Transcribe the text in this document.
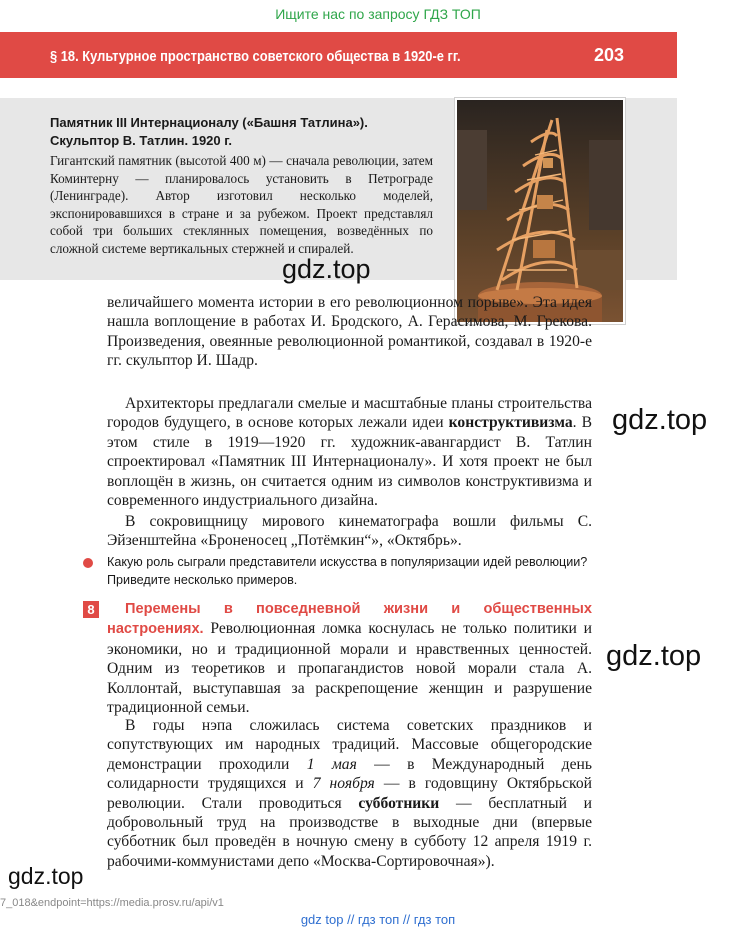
Ищите нас по запросу ГДЗ ТОП
§ 18. Культурное пространство советского общества в 1920-е гг.	203
Памятник III Интернационалу («Башня Татлина»). Скульптор В. Татлин. 1920 г.
Гигантский памятник (высотой 400 м) — сначала революции, затем Коминтерну — планировалось установить в Петрограде (Ленинграде). Автор изготовил несколько моделей, экспонировавшихся в стране и за рубежом. Проект представлял собой три больших стеклянных помещения, возведённых по сложной системе вертикальных стержней и спиралей.
gdz.top
величайшего момента истории в его революционном порыве». Эта идея нашла воплощение в работах И. Бродского, А. Герасимова, М. Грекова. Произведения, овеянные революционной романтикой, создавал в 1920-е гг. скульптор И. Шадр.
Архитекторы предлагали смелые и масштабные планы строительства городов будущего, в основе которых лежали идеи конструктивизма. В этом стиле в 1919—1920 гг. художник-авангардист В. Татлин спроектировал «Памятник III Интернационалу». И хотя проект не был воплощён в жизнь, он считается одним из символов конструктивизма и современного индустриального дизайна.
gdz.top
В сокровищницу мирового кинематографа вошли фильмы С. Эйзенштейна «Броненосец „Потёмкин“», «Октябрь».
Какую роль сыграли представители искусства в популяризации идей революции? Приведите несколько примеров.
8	Перемены в повседневной жизни и общественных настроениях. Революционная ломка коснулась не только политики и экономики, но и традиционной морали и нравственных ценностей. Одним из теоретиков и пропагандистов новой морали стала А. Коллонтай, выступавшая за раскрепощение женщин и разрушение традиционной семьи.
gdz.top
В годы нэпа сложилась система советских праздников и сопутствующих им народных традиций. Массовые общегородские демонстрации проходили 1 мая — в Международный день солидарности трудящихся и 7 ноября — в годовщину Октябрьской революции. Стали проводиться субботники — бесплатный и добровольный труд на производстве в выходные дни (впервые субботник был проведён в ночную смену в субботу 12 апреля 1919 г. рабочими-коммунистами депо «Москва-Сортировочная»).
gdz.top
7_018&endpoint=https://media.prosv.ru/api/v1
gdz top // гдз топ // гдз топ
